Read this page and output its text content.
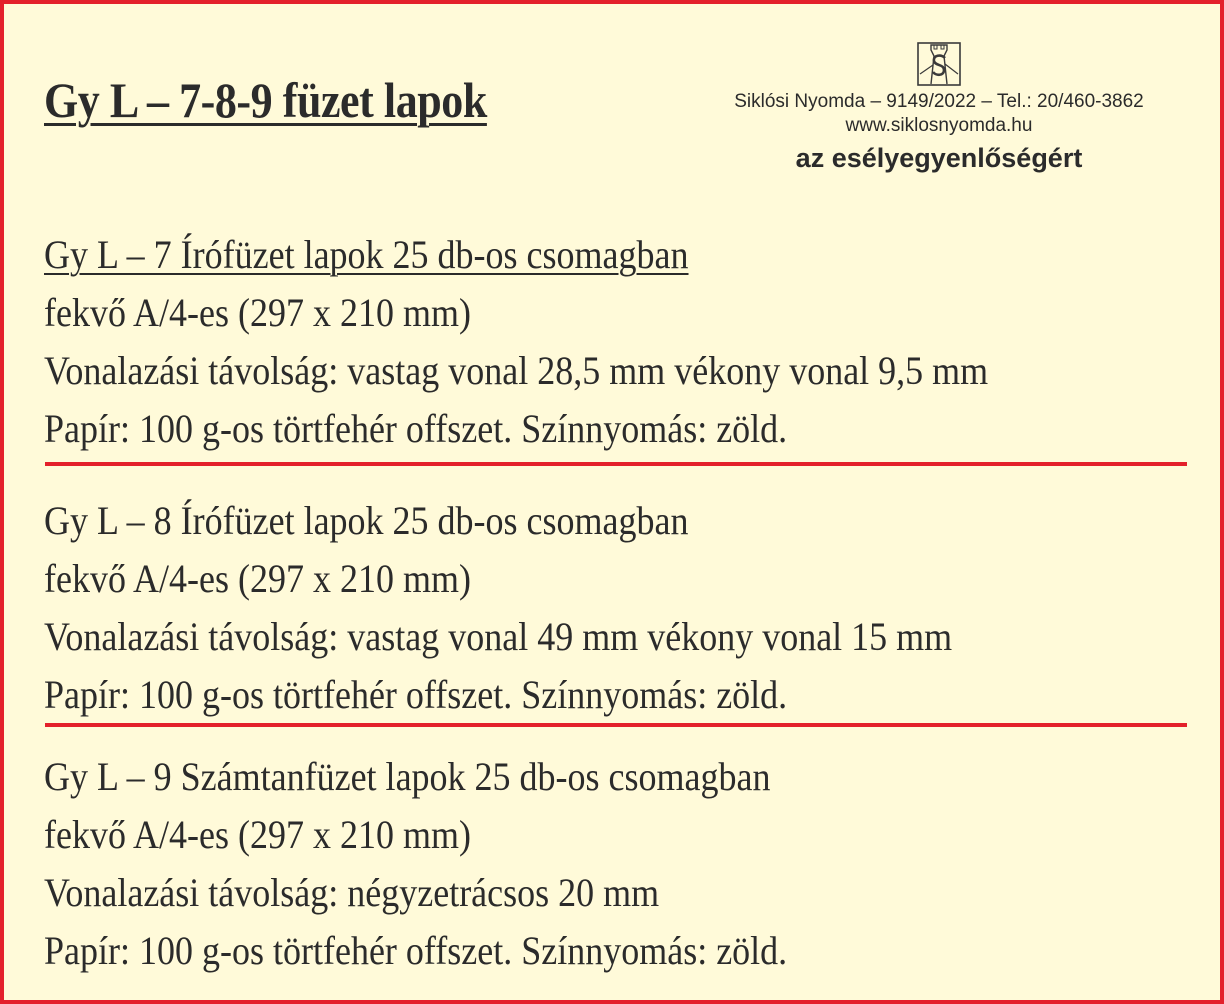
Gy L – 7-8-9 füzet lapok	Siklósi Nyomda – 9149/2022 – Tel.: 20/460-3862
www.siklosnyomda.hu
az esélyegyenlőségért
Gy L – 7 Írófüzet lapok 25 db-os csomagban
fekvő A/4-es (297 x 210 mm)
Vonalazási távolság: vastag vonal 28,5 mm vékony vonal 9,5 mm
Papír: 100 g-os törtfehér offszet. Színnyomás: zöld.
Gy L – 8 Írófüzet lapok 25 db-os csomagban
fekvő A/4-es (297 x 210 mm)
Vonalazási távolság: vastag vonal 49 mm vékony vonal 15 mm
Papír: 100 g-os törtfehér offszet. Színnyomás: zöld.
Gy L – 9 Számtanfüzet lapok 25 db-os csomagban
fekvő A/4-es (297 x 210 mm)
Vonalazási távolság: négyzetrácsos 20 mm
Papír: 100 g-os törtfehér offszet. Színnyomás: zöld.
